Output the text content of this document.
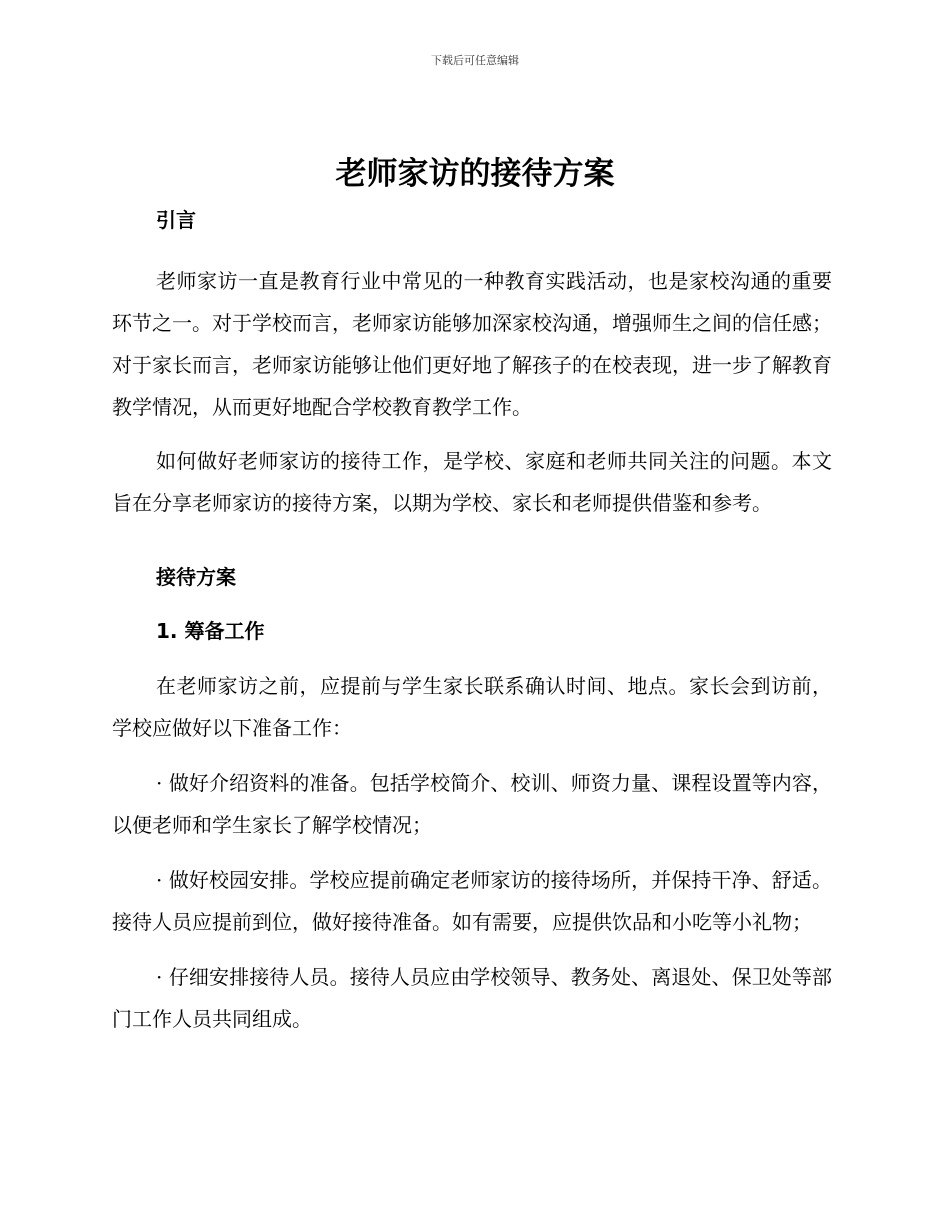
下载后可任意编辑
老师家访的接待方案
引言

老师家访一直是教育行业中常见的一种教育实践活动，也是家校沟通的重要环节之一。对于学校而言，老师家访能够加深家校沟通，增强师生之间的信任感；对于家长而言，老师家访能够让他们更好地了解孩子的在校表现，进一步了解教育教学情况，从而更好地配合学校教育教学工作。

如何做好老师家访的接待工作，是学校、家庭和老师共同关注的问题。本文旨在分享老师家访的接待方案，以期为学校、家长和老师提供借鉴和参考。

接待方案
1. 筹备工作

在老师家访之前，应提前与学生家长联系确认时间、地点。家长会到访前，学校应做好以下准备工作：

· 做好介绍资料的准备。包括学校简介、校训、师资力量、课程设置等内容，以便老师和学生家长了解学校情况；

· 做好校园安排。学校应提前确定老师家访的接待场所，并保持干净、舒适。接待人员应提前到位，做好接待准备。如有需要，应提供饮品和小吃等小礼物；

· 仔细安排接待人员。接待人员应由学校领导、教务处、离退处、保卫处等部门工作人员共同组成。
